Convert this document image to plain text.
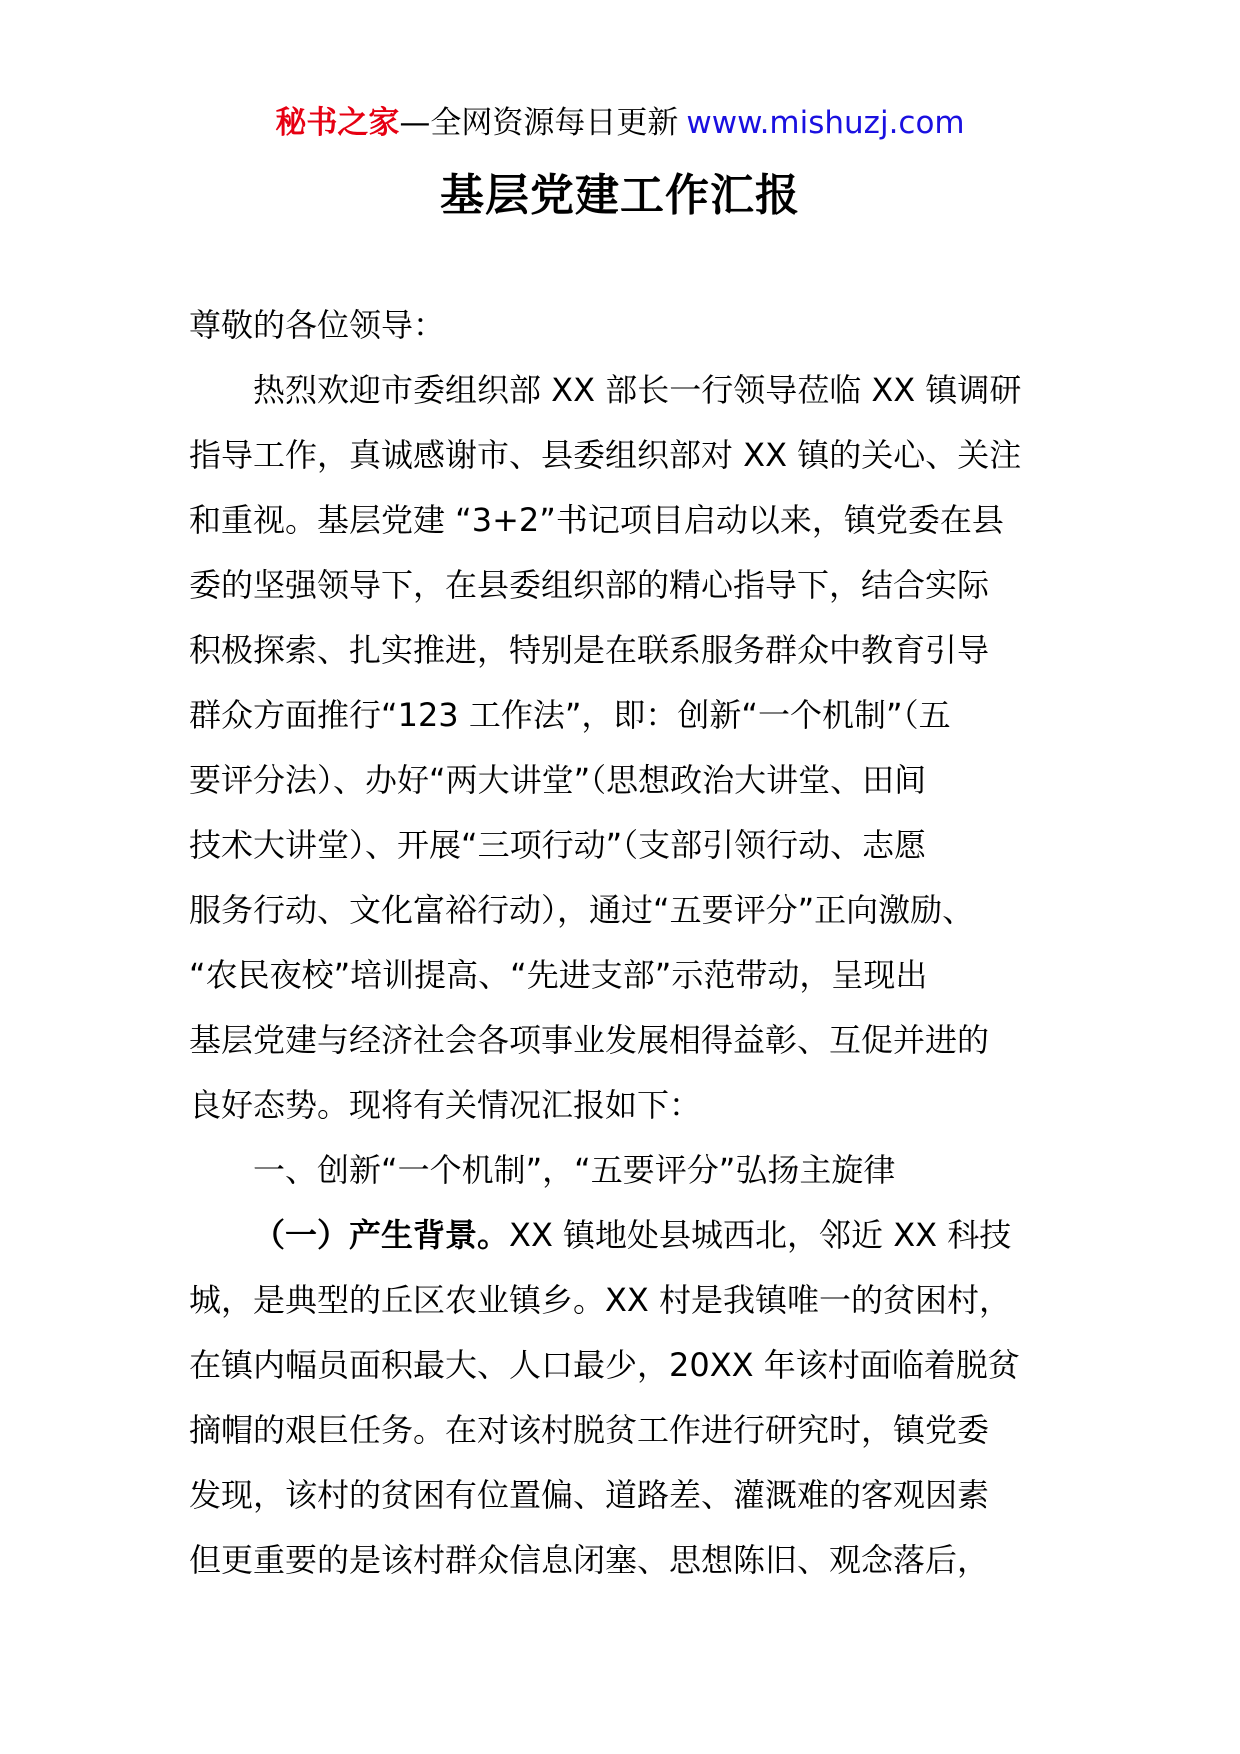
秘书之家—全网资源每日更新 www.mishuzj.com
基层党建工作汇报

尊敬的各位领导：

热烈欢迎市委组织部 XX 部长一行领导莅临 XX 镇调研

指导工作，真诚感谢市、县委组织部对 XX 镇的关心、关注

和重视。基层党建 “3+2”书记项目启动以来，镇党委在县

委的坚强领导下，在县委组织部的精心指导下，结合实际

积极探索、扎实推进，特别是在联系服务群众中教育引导

群众方面推行“123 工作法”，即：创新“一个机制”（五

要评分法）、办好“两大讲堂”（思想政治大讲堂、田间

技术大讲堂）、开展“三项行动”（支部引领行动、志愿

服务行动、文化富裕行动），通过“五要评分”正向激励、

“农民夜校”培训提高、“先进支部”示范带动，呈现出

基层党建与经济社会各项事业发展相得益彰、互促并进的

良好态势。现将有关情况汇报如下：

一、创新“一个机制”，“五要评分”弘扬主旋律

（一）产生背景。XX 镇地处县城西北，邻近 XX 科技

城，是典型的丘区农业镇乡。XX 村是我镇唯一的贫困村，

在镇内幅员面积最大、人口最少，20XX 年该村面临着脱贫

摘帽的艰巨任务。在对该村脱贫工作进行研究时，镇党委

发现，该村的贫困有位置偏、道路差、灌溉难的客观因素

但更重要的是该村群众信息闭塞、思想陈旧、观念落后，
